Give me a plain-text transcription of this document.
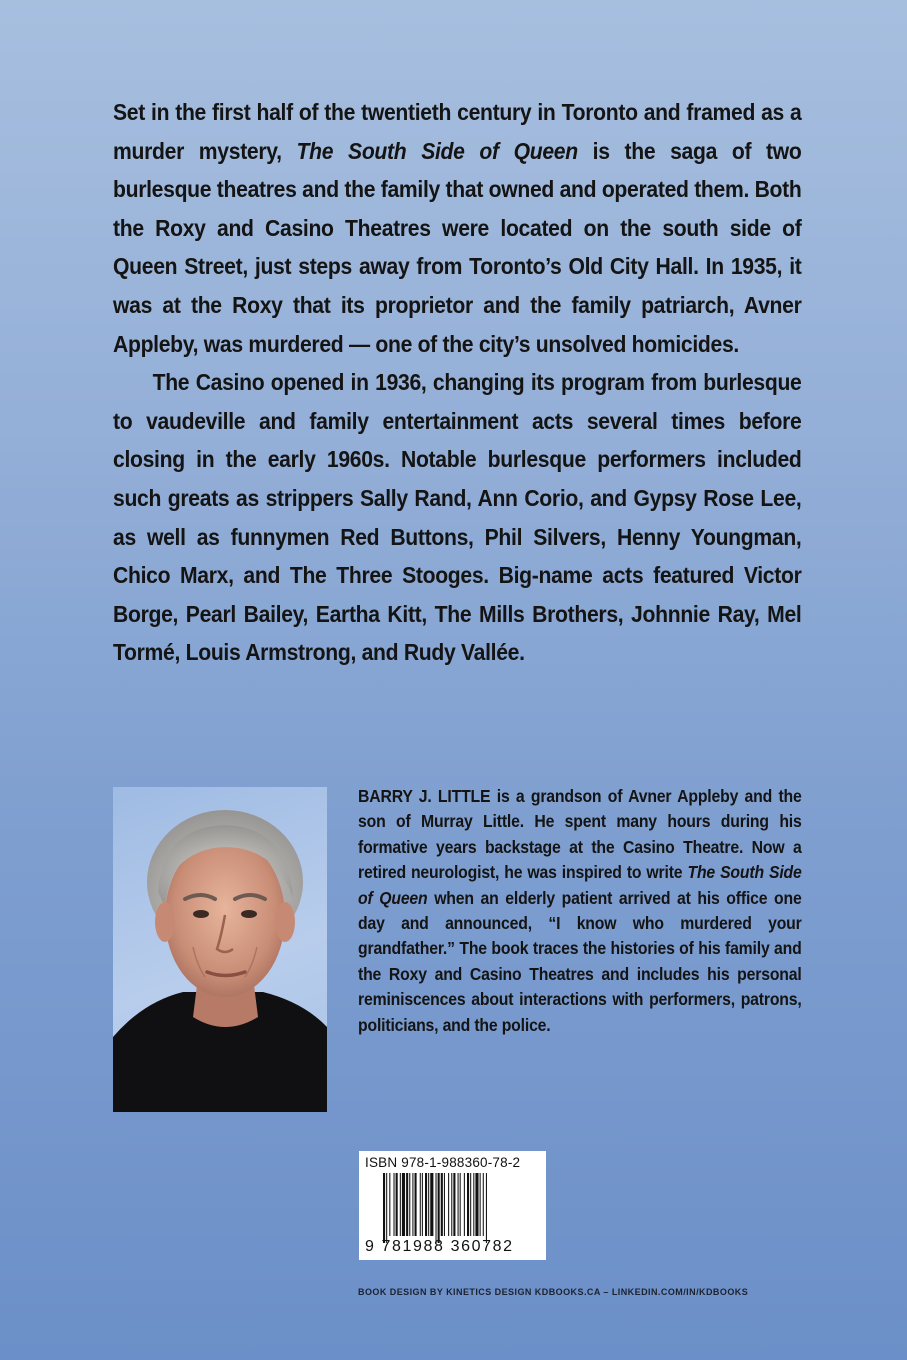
Set in the first half of the twentieth century in Toronto and framed as a murder mystery, The South Side of Queen is the saga of two burlesque theatres and the family that owned and operated them. Both the Roxy and Casino Theatres were located on the south side of Queen Street, just steps away from Toronto’s Old City Hall. In 1935, it was at the Roxy that its proprietor and the family patriarch, Avner Appleby, was murdered — one of the city’s unsolved homicides.

The Casino opened in 1936, changing its program from burlesque to vaudeville and family entertainment acts several times before closing in the early 1960s. Notable burlesque performers included such greats as strippers Sally Rand, Ann Corio, and Gypsy Rose Lee, as well as funnymen Red Buttons, Phil Silvers, Henny Youngman, Chico Marx, and The Three Stooges. Big-name acts featured Victor Borge, Pearl Bailey, Eartha Kitt, The Mills Brothers, Johnnie Ray, Mel Tormé, Louis Armstrong, and Rudy Vallée.

BARRY J. LITTLE is a grandson of Avner Appleby and the son of Murray Little. He spent many hours during his formative years backstage at the Casino Theatre. Now a retired neurologist, he was inspired to write The South Side of Queen when an elderly patient arrived at his office one day and announced, “I know who murdered your grandfather.” The book traces the histories of his family and the Roxy and Casino Theatres and includes his personal reminiscences about interactions with performers, patrons, politicians, and the police.

ISBN 978-1-988360-78-2
9 781988 360782
BOOK DESIGN BY KINETICS DESIGN KDBOOKS.CA – LINKEDIN.COM/IN/KDBOOKS
